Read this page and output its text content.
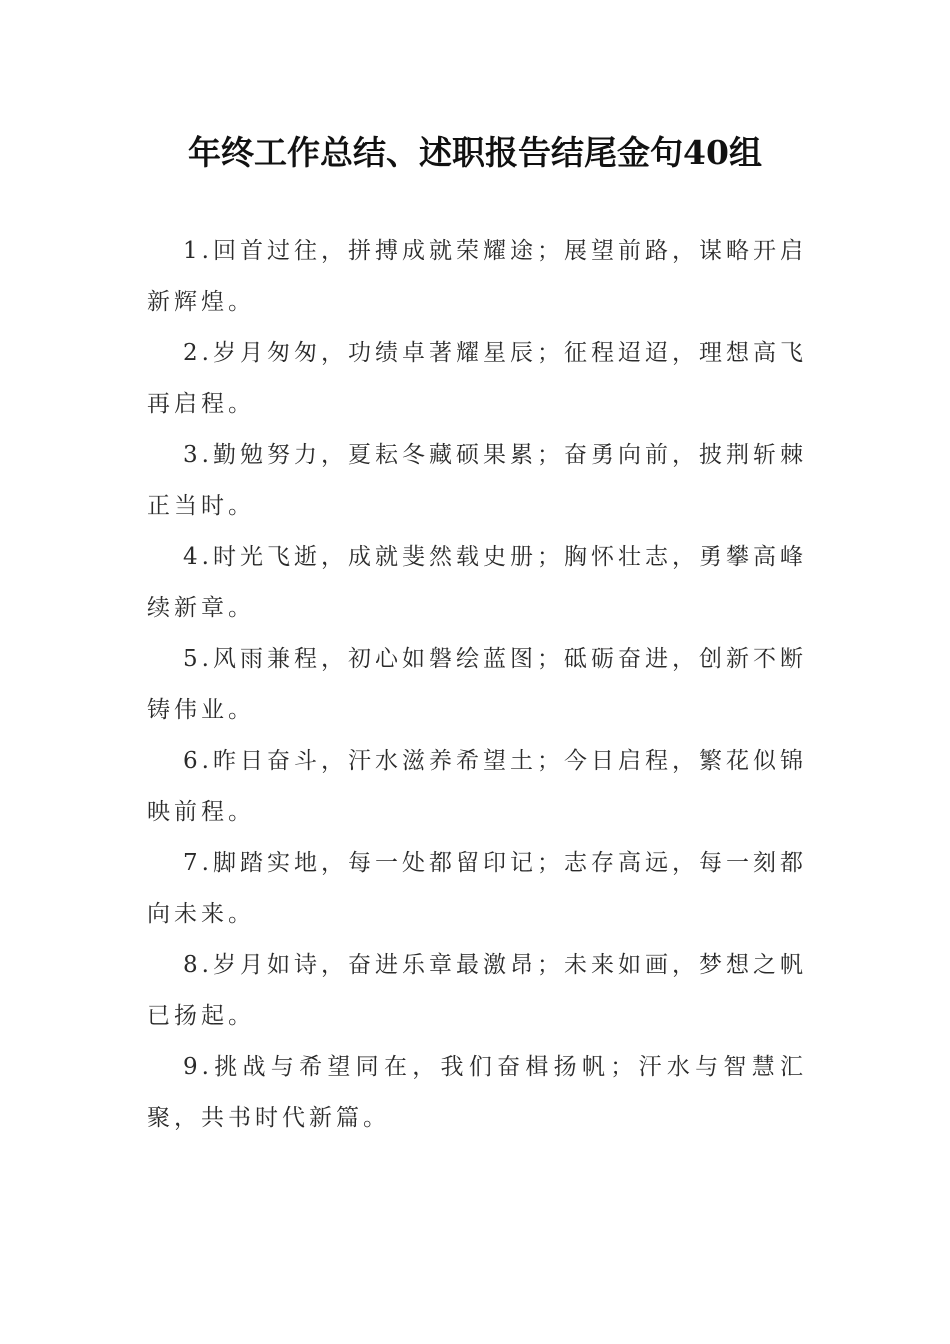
年终工作总结、述职报告结尾金句40组

1.回首过往，拼搏成就荣耀途；展望前路，谋略开启新辉煌。

2.岁月匆匆，功绩卓著耀星辰；征程迢迢，理想高飞再启程。

3.勤勉努力，夏耘冬藏硕果累；奋勇向前，披荆斩棘正当时。

4.时光飞逝，成就斐然载史册；胸怀壮志，勇攀高峰续新章。

5.风雨兼程，初心如磐绘蓝图；砥砺奋进，创新不断铸伟业。

6.昨日奋斗，汗水滋养希望土；今日启程，繁花似锦映前程。

7.脚踏实地，每一处都留印记；志存高远，每一刻都向未来。

8.岁月如诗，奋进乐章最激昂；未来如画，梦想之帆已扬起。

9.挑战与希望同在，我们奋楫扬帆；汗水与智慧汇聚，共书时代新篇。
